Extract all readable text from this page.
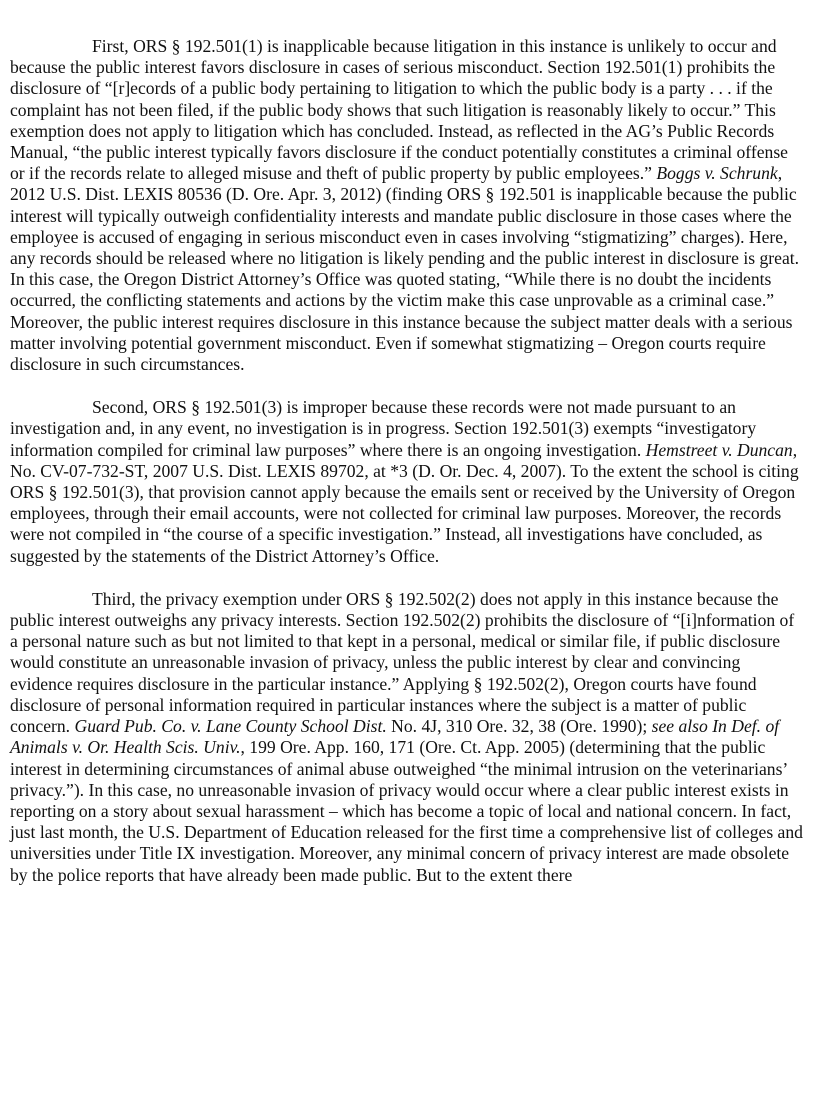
First, ORS § 192.501(1) is inapplicable because litigation in this instance is unlikely to occur and because the public interest favors disclosure in cases of serious misconduct. Section 192.501(1) prohibits the disclosure of “[r]ecords of a public body pertaining to litigation to which the public body is a party . . . if the complaint has not been filed, if the public body shows that such litigation is reasonably likely to occur.” This exemption does not apply to litigation which has concluded. Instead, as reflected in the AG’s Public Records Manual, “the public interest typically favors disclosure if the conduct potentially constitutes a criminal offense or if the records relate to alleged misuse and theft of public property by public employees.” Boggs v. Schrunk, 2012 U.S. Dist. LEXIS 80536 (D. Ore. Apr. 3, 2012) (finding ORS § 192.501 is inapplicable because the public interest will typically outweigh confidentiality interests and mandate public disclosure in those cases where the employee is accused of engaging in serious misconduct even in cases involving “stigmatizing” charges). Here, any records should be released where no litigation is likely pending and the public interest in disclosure is great. In this case, the Oregon District Attorney’s Office was quoted stating, “While there is no doubt the incidents occurred, the conflicting statements and actions by the victim make this case unprovable as a criminal case.” Moreover, the public interest requires disclosure in this instance because the subject matter deals with a serious matter involving potential government misconduct. Even if somewhat stigmatizing – Oregon courts require disclosure in such circumstances.

Second, ORS § 192.501(3) is improper because these records were not made pursuant to an investigation and, in any event, no investigation is in progress. Section 192.501(3) exempts “investigatory information compiled for criminal law purposes” where there is an ongoing investigation. Hemstreet v. Duncan, No. CV-07-732-ST, 2007 U.S. Dist. LEXIS 89702, at *3 (D. Or. Dec. 4, 2007). To the extent the school is citing ORS § 192.501(3), that provision cannot apply because the emails sent or received by the University of Oregon employees, through their email accounts, were not collected for criminal law purposes. Moreover, the records were not compiled in “the course of a specific investigation.” Instead, all investigations have concluded, as suggested by the statements of the District Attorney’s Office.

Third, the privacy exemption under ORS § 192.502(2) does not apply in this instance because the public interest outweighs any privacy interests. Section 192.502(2) prohibits the disclosure of “[i]nformation of a personal nature such as but not limited to that kept in a personal, medical or similar file, if public disclosure would constitute an unreasonable invasion of privacy, unless the public interest by clear and convincing evidence requires disclosure in the particular instance.” Applying § 192.502(2), Oregon courts have found disclosure of personal information required in particular instances where the subject is a matter of public concern. Guard Pub. Co. v. Lane County School Dist. No. 4J, 310 Ore. 32, 38 (Ore. 1990); see also In Def. of Animals v. Or. Health Scis. Univ., 199 Ore. App. 160, 171 (Ore. Ct. App. 2005) (determining that the public interest in determining circumstances of animal abuse outweighed “the minimal intrusion on the veterinarians’ privacy.”). In this case, no unreasonable invasion of privacy would occur where a clear public interest exists in reporting on a story about sexual harassment – which has become a topic of local and national concern. In fact, just last month, the U.S. Department of Education released for the first time a comprehensive list of colleges and universities under Title IX investigation. Moreover, any minimal concern of privacy interest are made obsolete by the police reports that have already been made public. But to the extent there
